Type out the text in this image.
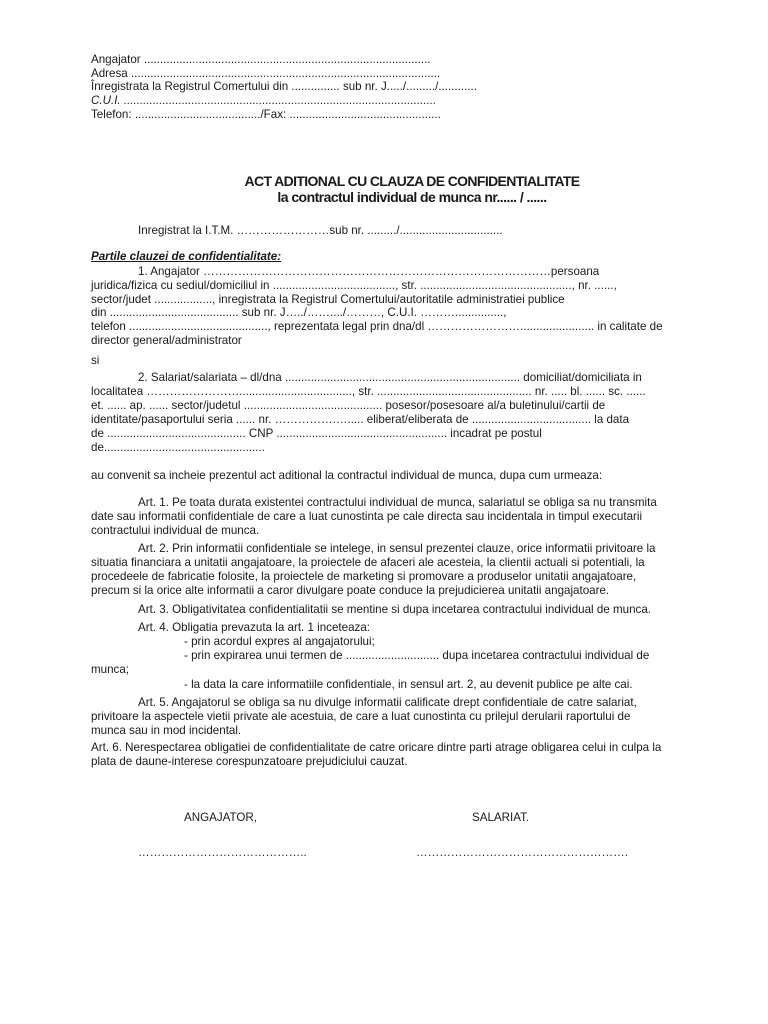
Angajator .........................................................................................
Adresa ................................................................................................
Înregistrata la Registrul Comertului din ............... sub nr. J...../........./............
C.U.I. .................................................................................................
Telefon: ......................................./Fax: ...............................................
ACT ADITIONAL CU CLAUZA DE CONFIDENTIALITATE
la contractul individual de munca nr...... / ......
Inregistrat la I.T.M. ……………………sub nr. ........./................................
Partile clauzei de confidentialitate:
1. Angajator ………………………………………………………………………………persoana
juridica/fizica cu sediul/domiciliul in ......................................, str. ..............................................., nr. ......,
sector/judet .................., inregistrata la Registrul Comertului/autoritatile administratiei publice
din ........................................ sub nr. J…../……..../………, C.U.I. ………...............,
telefon ..........................................., reprezentata legal prin dna/dl ……………………....................... in calitate de
director general/administrator
si
2. Salariat/salariata – dl/dna ......................................................................... domiciliat/domiciliata in
localitatea ……………………..................................., str. ................................................ nr. ..... bl. ...... sc. ......
et. ...... ap. ...... sector/judetul ........................................... posesor/posesoare al/a buletinului/cartii de
identitate/pasaportului seria ...... nr. …………….…..... eliberat/eliberata de ..................................... la data
de ........................................... CNP ..................................................... incadrat pe postul
de..................................................
au convenit sa incheie prezentul act aditional la contractul individual de munca, dupa cum urmeaza:
Art. 1. Pe toata durata existentei contractului individual de munca, salariatul se obliga sa nu transmita
date sau informatii confidentiale de care a luat cunostinta pe cale directa sau incidentala in timpul executarii
contractului individual de munca.
Art. 2. Prin informatii confidentiale se intelege, in sensul prezentei clauze, orice informatii privitoare la
situatia financiara a unitatii angajatoare, la proiectele de afaceri ale acesteia, la clientii actuali si potentiali, la
procedeele de fabricatie folosite, la proiectele de marketing si promovare a produselor unitatii angajatoare,
precum si la orice alte informatii a caror divulgare poate conduce la prejudicierea unitatii angajatoare.
Art. 3. Obligativitatea confidentialitatii se mentine si dupa incetarea contractului individual de munca.
Art. 4. Obligatia prevazuta la art. 1 inceteaza:
- prin acordul expres al angajatorului;
- prin expirarea unui termen de ............................. dupa incetarea contractului individual de
munca;
- la data la care informatiile confidentiale, in sensul art. 2, au devenit publice pe alte cai.
Art. 5. Angajatorul se obliga sa nu divulge informatii calificate drept confidentiale de catre salariat,
privitoare la aspectele vietii private ale acestuia, de care a luat cunostinta cu prilejul derularii raportului de
munca sau in mod incidental.
Art. 6. Nerespectarea obligatiei de confidentialitate de catre oricare dintre parti atrage obligarea celui in culpa la
plata de daune-interese corespunzatoare prejudiciului cauzat.
ANGAJATOR,	SALARIAT.
……………………………………..	……………………………………………….
